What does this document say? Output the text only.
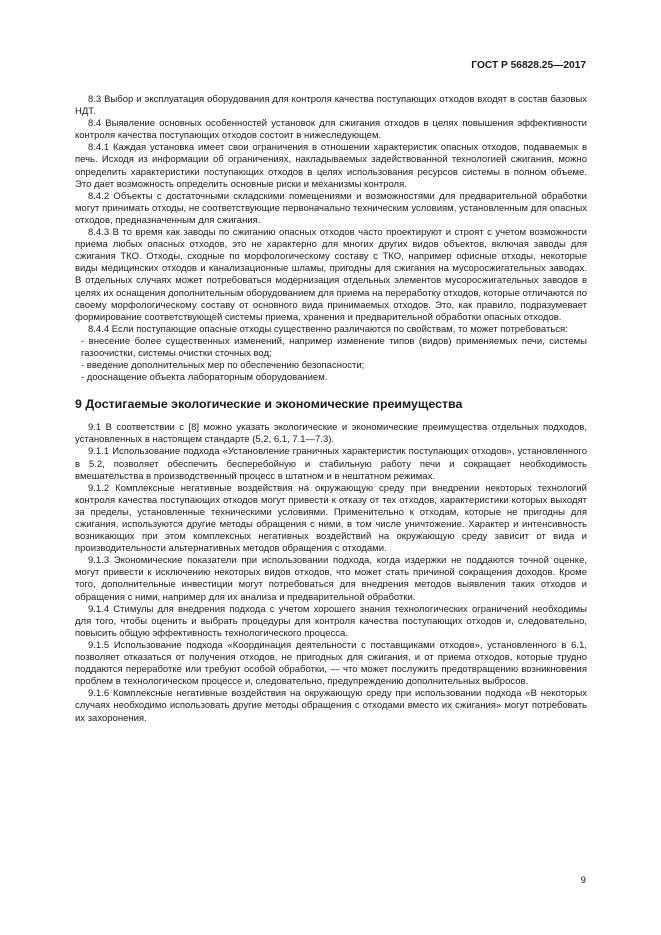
ГОСТ Р 56828.25—2017

8.3 Выбор и эксплуатация оборудования для контроля качества поступающих отходов входят в состав базовых НДТ.

8.4 Выявление основных особенностей установок для сжигания отходов в целях повышения эффективности контроля качества поступающих отходов состоит в нижеследующем.

8.4.1 Каждая установка имеет свои ограничения в отношении характеристик опасных отходов, подаваемых в печь. Исходя из информации об ограничениях, накладываемых задействованной технологией сжигания, можно определить характеристики поступающих отходов в целях использования ресурсов системы в полном объеме. Это дает возможность определить основные риски и механизмы контроля.

8.4.2 Объекты с достаточными складскими помещениями и возможностями для предварительной обработки могут принимать отходы, не соответствующие первоначально техническим условиям, установленным для опасных отходов, предназначенным для сжигания.

8.4.3 В то время как заводы по сжиганию опасных отходов часто проектируют и строят с учетом возможности приема любых опасных отходов, это не характерно для многих других видов объектов, включая заводы для сжигания ТКО. Отходы, сходные по морфологическому составу с ТКО, например офисные отходы, некоторые виды медицинских отходов и канализационные шламы, пригодны для сжигания на мусоросжигательных заводах. В отдельных случаях может потребоваться модернизация отдельных элементов мусоросжигательных заводов в целях их оснащения дополнительным оборудованием для приема на переработку отходов, которые отличаются по своему морфологическому составу от основного вида принимаемых отходов. Это, как правило, подразумевает формирование соответствующей системы приема, хранения и предварительной обработки опасных отходов.

8.4.4 Если поступающие опасные отходы существенно различаются по свойствам, то может потребоваться:

- внесение более существенных изменений, например изменение типов (видов) применяемых печи, системы газоочистки, системы очистки сточных вод;

- введение дополнительных мер по обеспечению безопасности;

- дооснащение объекта лабораторным оборудованием.

9 Достигаемые экологические и экономические преимущества

9.1 В соответствии с [8] можно указать экологические и экономические преимущества отдельных подходов, установленных в настоящем стандарте (5,2, 6.1, 7.1—7.3).

9.1.1 Использование подхода «Установление граничных характеристик поступающих отходов», установленного в 5.2, позволяет обеспечить бесперебойную и стабильную работу печи и сокращает необходимость вмешательства в производственный процесс в штатном и в нештатном режимах.

9.1.2 Комплексные негативные воздействия на окружающую среду при внедрении некоторых технологий контроля качества поступающих отходов могут привести к отказу от тех отходов, характеристики которых выходят за пределы, установленные техническими условиями. Применительно к отходам, которые не пригодны для сжигания, используются другие методы обращения с ними, в том числе уничтожение. Характер и интенсивность возникающих при этом комплексных негативных воздействий на окружающую среду зависит от вида и производительности альтернативных методов обращения с отходами.

9.1.3 Экономические показатели при использовании подхода, когда издержки не поддаются точной оценке, могут привести к исключению некоторых видов отходов, что может стать причиной сокращения доходов. Кроме того, дополнительные инвестиции могут потребоваться для внедрения методов выявления таких отходов и обращения с ними, например для их анализа и предварительной обработки.

9.1.4 Стимулы для внедрения подхода с учетом хорошего знания технологических ограничений необходимы для того, чтобы оценить и выбрать процедуры для контроля качества поступающих отходов и, следовательно, повысить общую эффективность технологического процесса.

9.1.5 Использование подхода «Координация деятельности с поставщиками отходов», установленного в 6.1, позволяет отказаться от получения отходов, не пригодных для сжигания, и от приема отходов, которые трудно поддаются переработке или требуют особой обработки, — что может послужить предотвращению возникновения проблем в технологическом процессе и, следовательно, предупреждению дополнительных выбросов.

9.1.6 Комплексные негативные воздействия на окружающую среду при использовании подхода «В некоторых случаях необходимо использовать другие методы обращения с отходами вместо их сжигания» могут потребовать их захоронения.

9
